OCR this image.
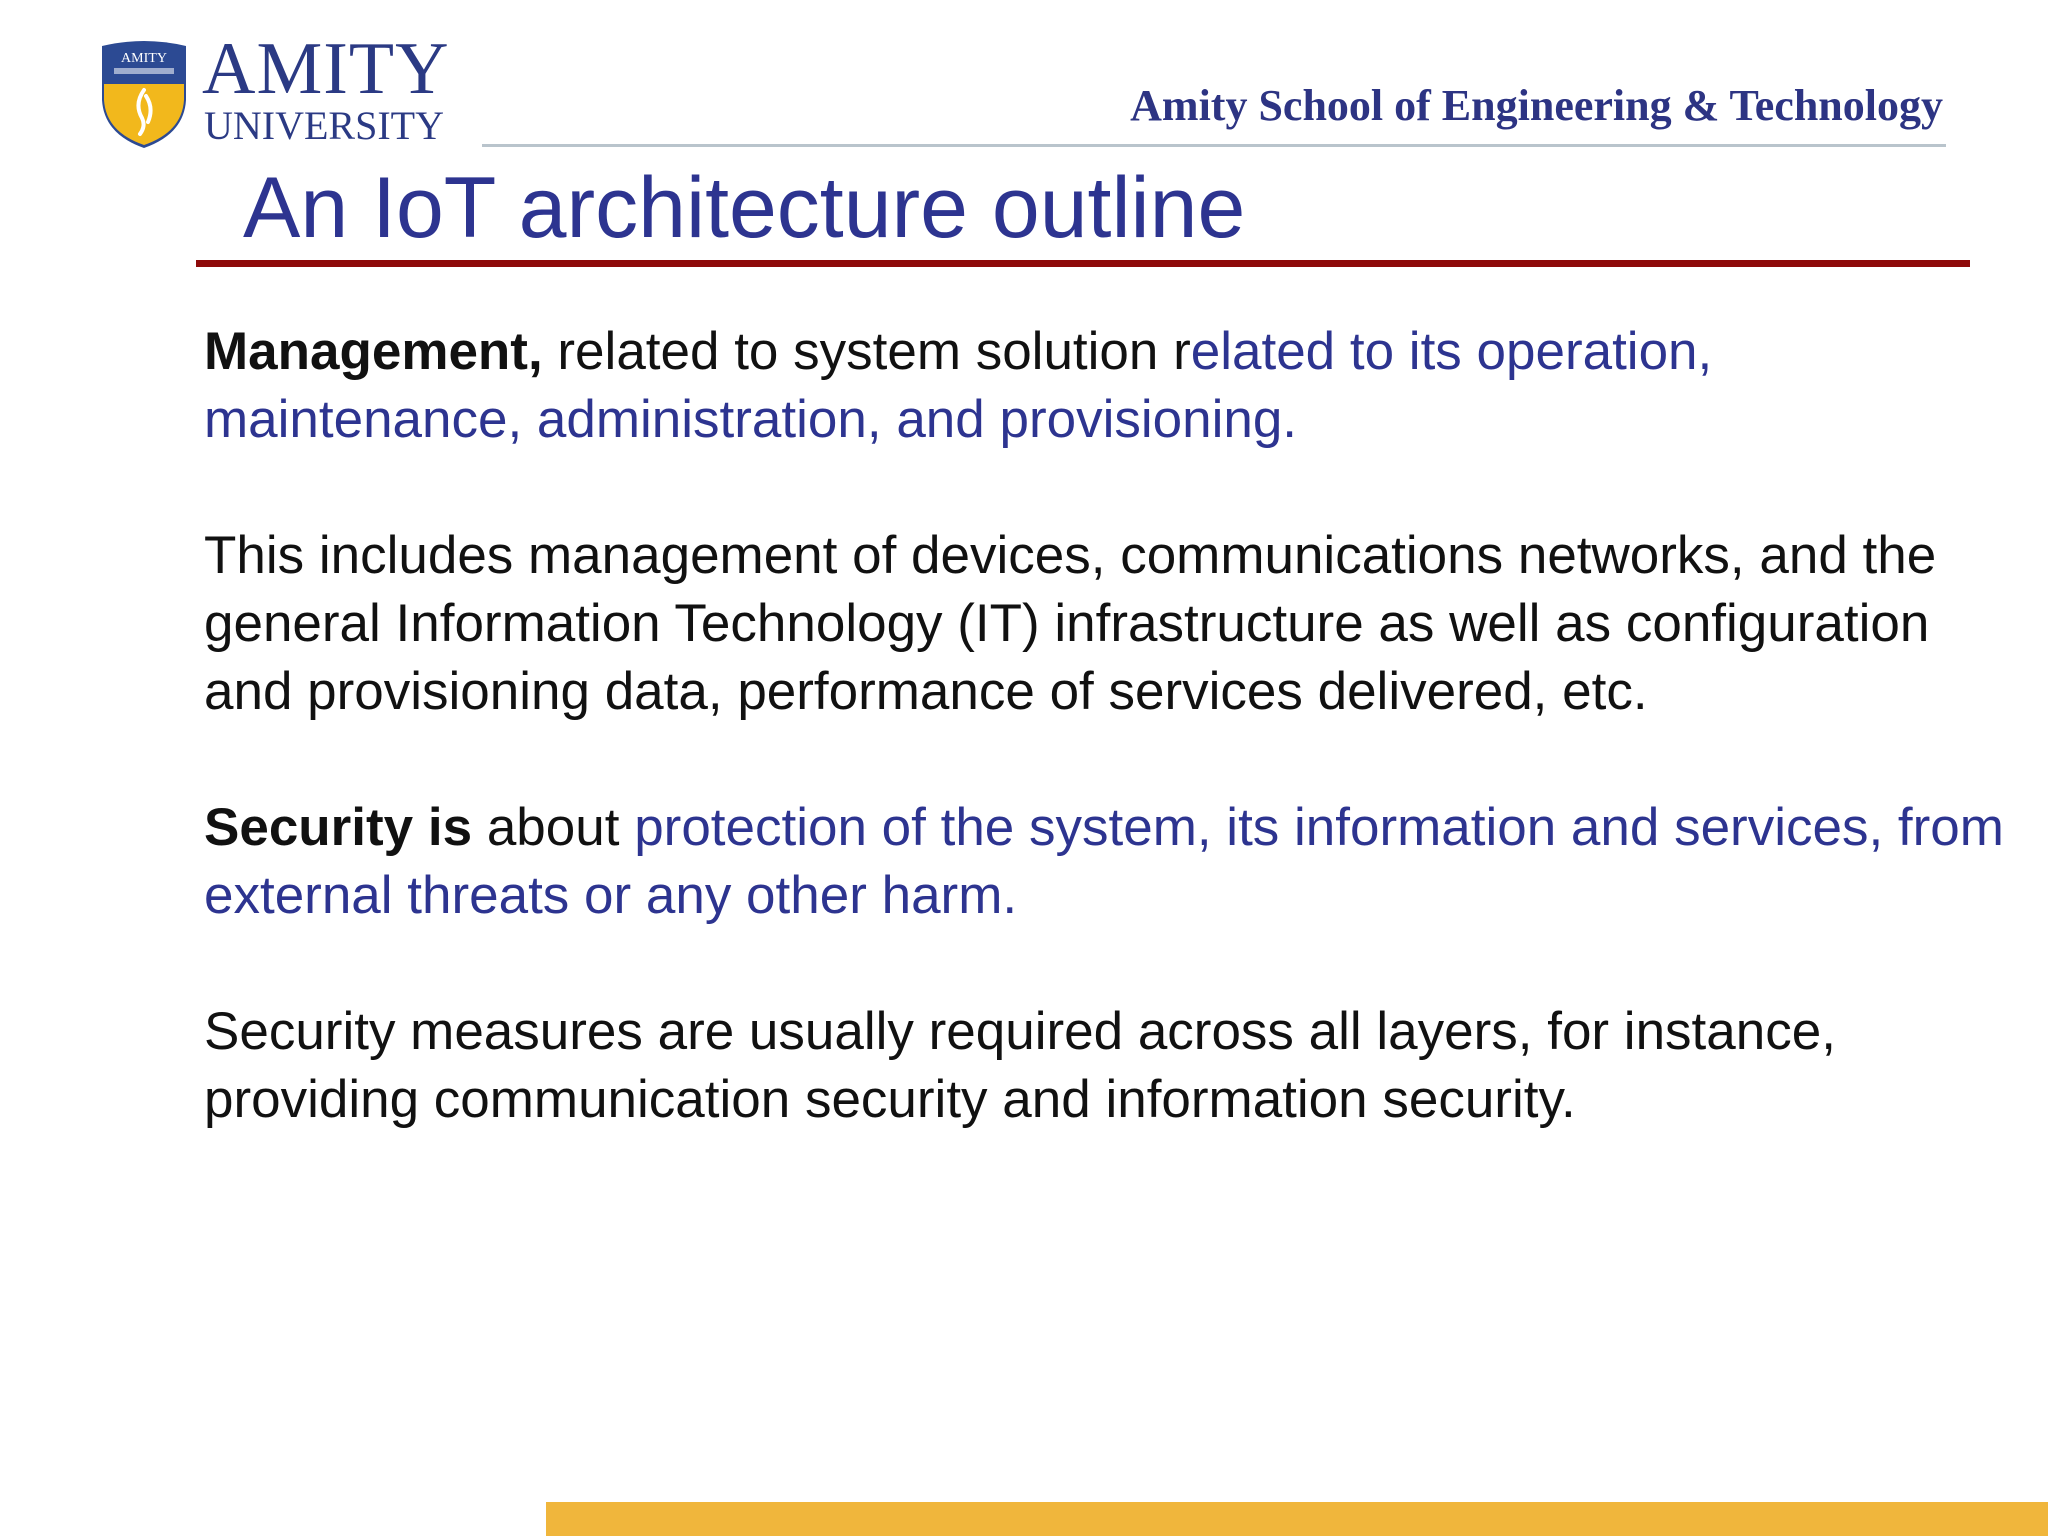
AMITY AMITY
UNIVERSITY	Amity School of Engineering & Technology
An IoT architecture outline

Management, related to system solution related to its operation, maintenance, administration, and provisioning.

This includes management of devices, communications networks, and the general Information Technology (IT) infrastructure as well as configuration and provisioning data, performance of services delivered, etc.

Security is about protection of the system, its information and services, from external threats or any other harm.

Security measures are usually required across all layers, for instance, providing communication security and information security.
